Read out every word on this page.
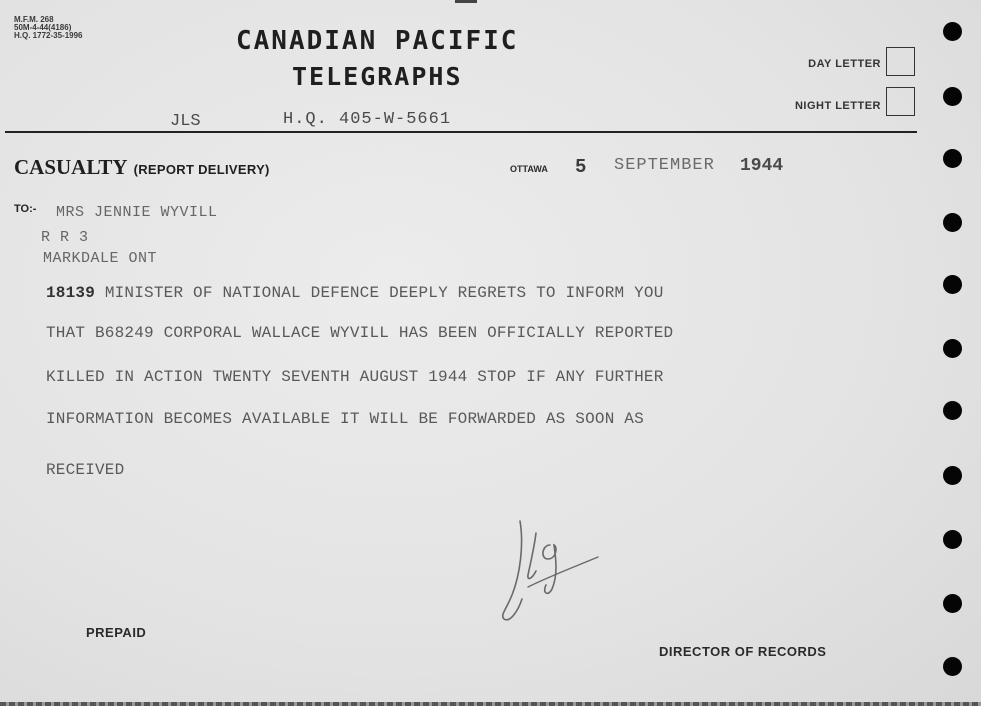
M.F.M. 268
50M-4-44(4186)
H.Q. 1772-35-1996	CANADIAN PACIFIC
TELEGRAPHS	DAY LETTER
NIGHT LETTER
JLS	H.Q. 405-W-5661
CASUALTY (REPORT DELIVERY)	OTTAWA 5 SEPTEMBER 1944
TO:- MRS JENNIE WYVILL
R R 3
MARKDALE ONT
18139 MINISTER OF NATIONAL DEFENCE DEEPLY REGRETS TO INFORM YOU
THAT B68249 CORPORAL WALLACE WYVILL HAS BEEN OFFICIALLY REPORTED
KILLED IN ACTION TWENTY SEVENTH AUGUST 1944 STOP IF ANY FURTHER
INFORMATION BECOMES AVAILABLE IT WILL BE FORWARDED AS SOON AS
RECEIVED
PREPAID
DIRECTOR OF RECORDS
